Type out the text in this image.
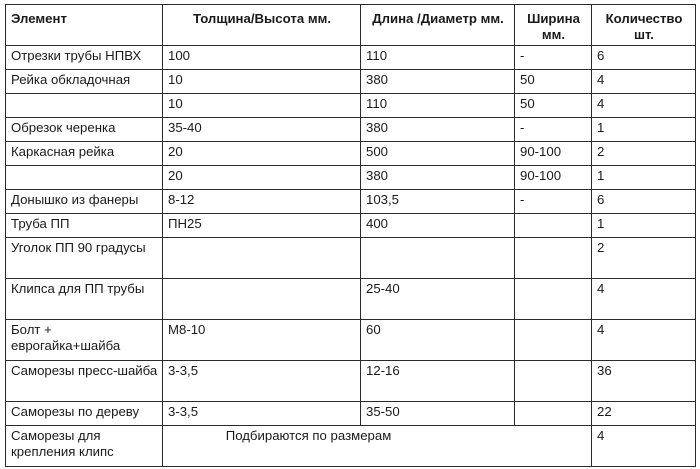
Элемент	Толщина/Высота мм.	Длина /Диаметр мм.	Ширина мм.	Количество шт.
Отрезки трубы НПВХ	100	110	-	6
Рейка обкладочная	10	380	50	4
	10	110	50	4
Обрезок черенка	35-40	380	-	1
Каркасная рейка	20	500	90-100	2
	20	380	90-100	1
Донышко из фанеры	8-12	103,5	-	6
Труба ПП	ПН25	400		1
Уголок ПП 90 градусы				2
Клипса для ПП трубы		25-40		4
Болт + еврогайка+шайба	М8-10	60		4
Саморезы пресс-шайба	3-3,5	12-16		36
Саморезы по дереву	3-3,5	35-50		22
Саморезы для крепления клипс	Подбираются по размерам			4
